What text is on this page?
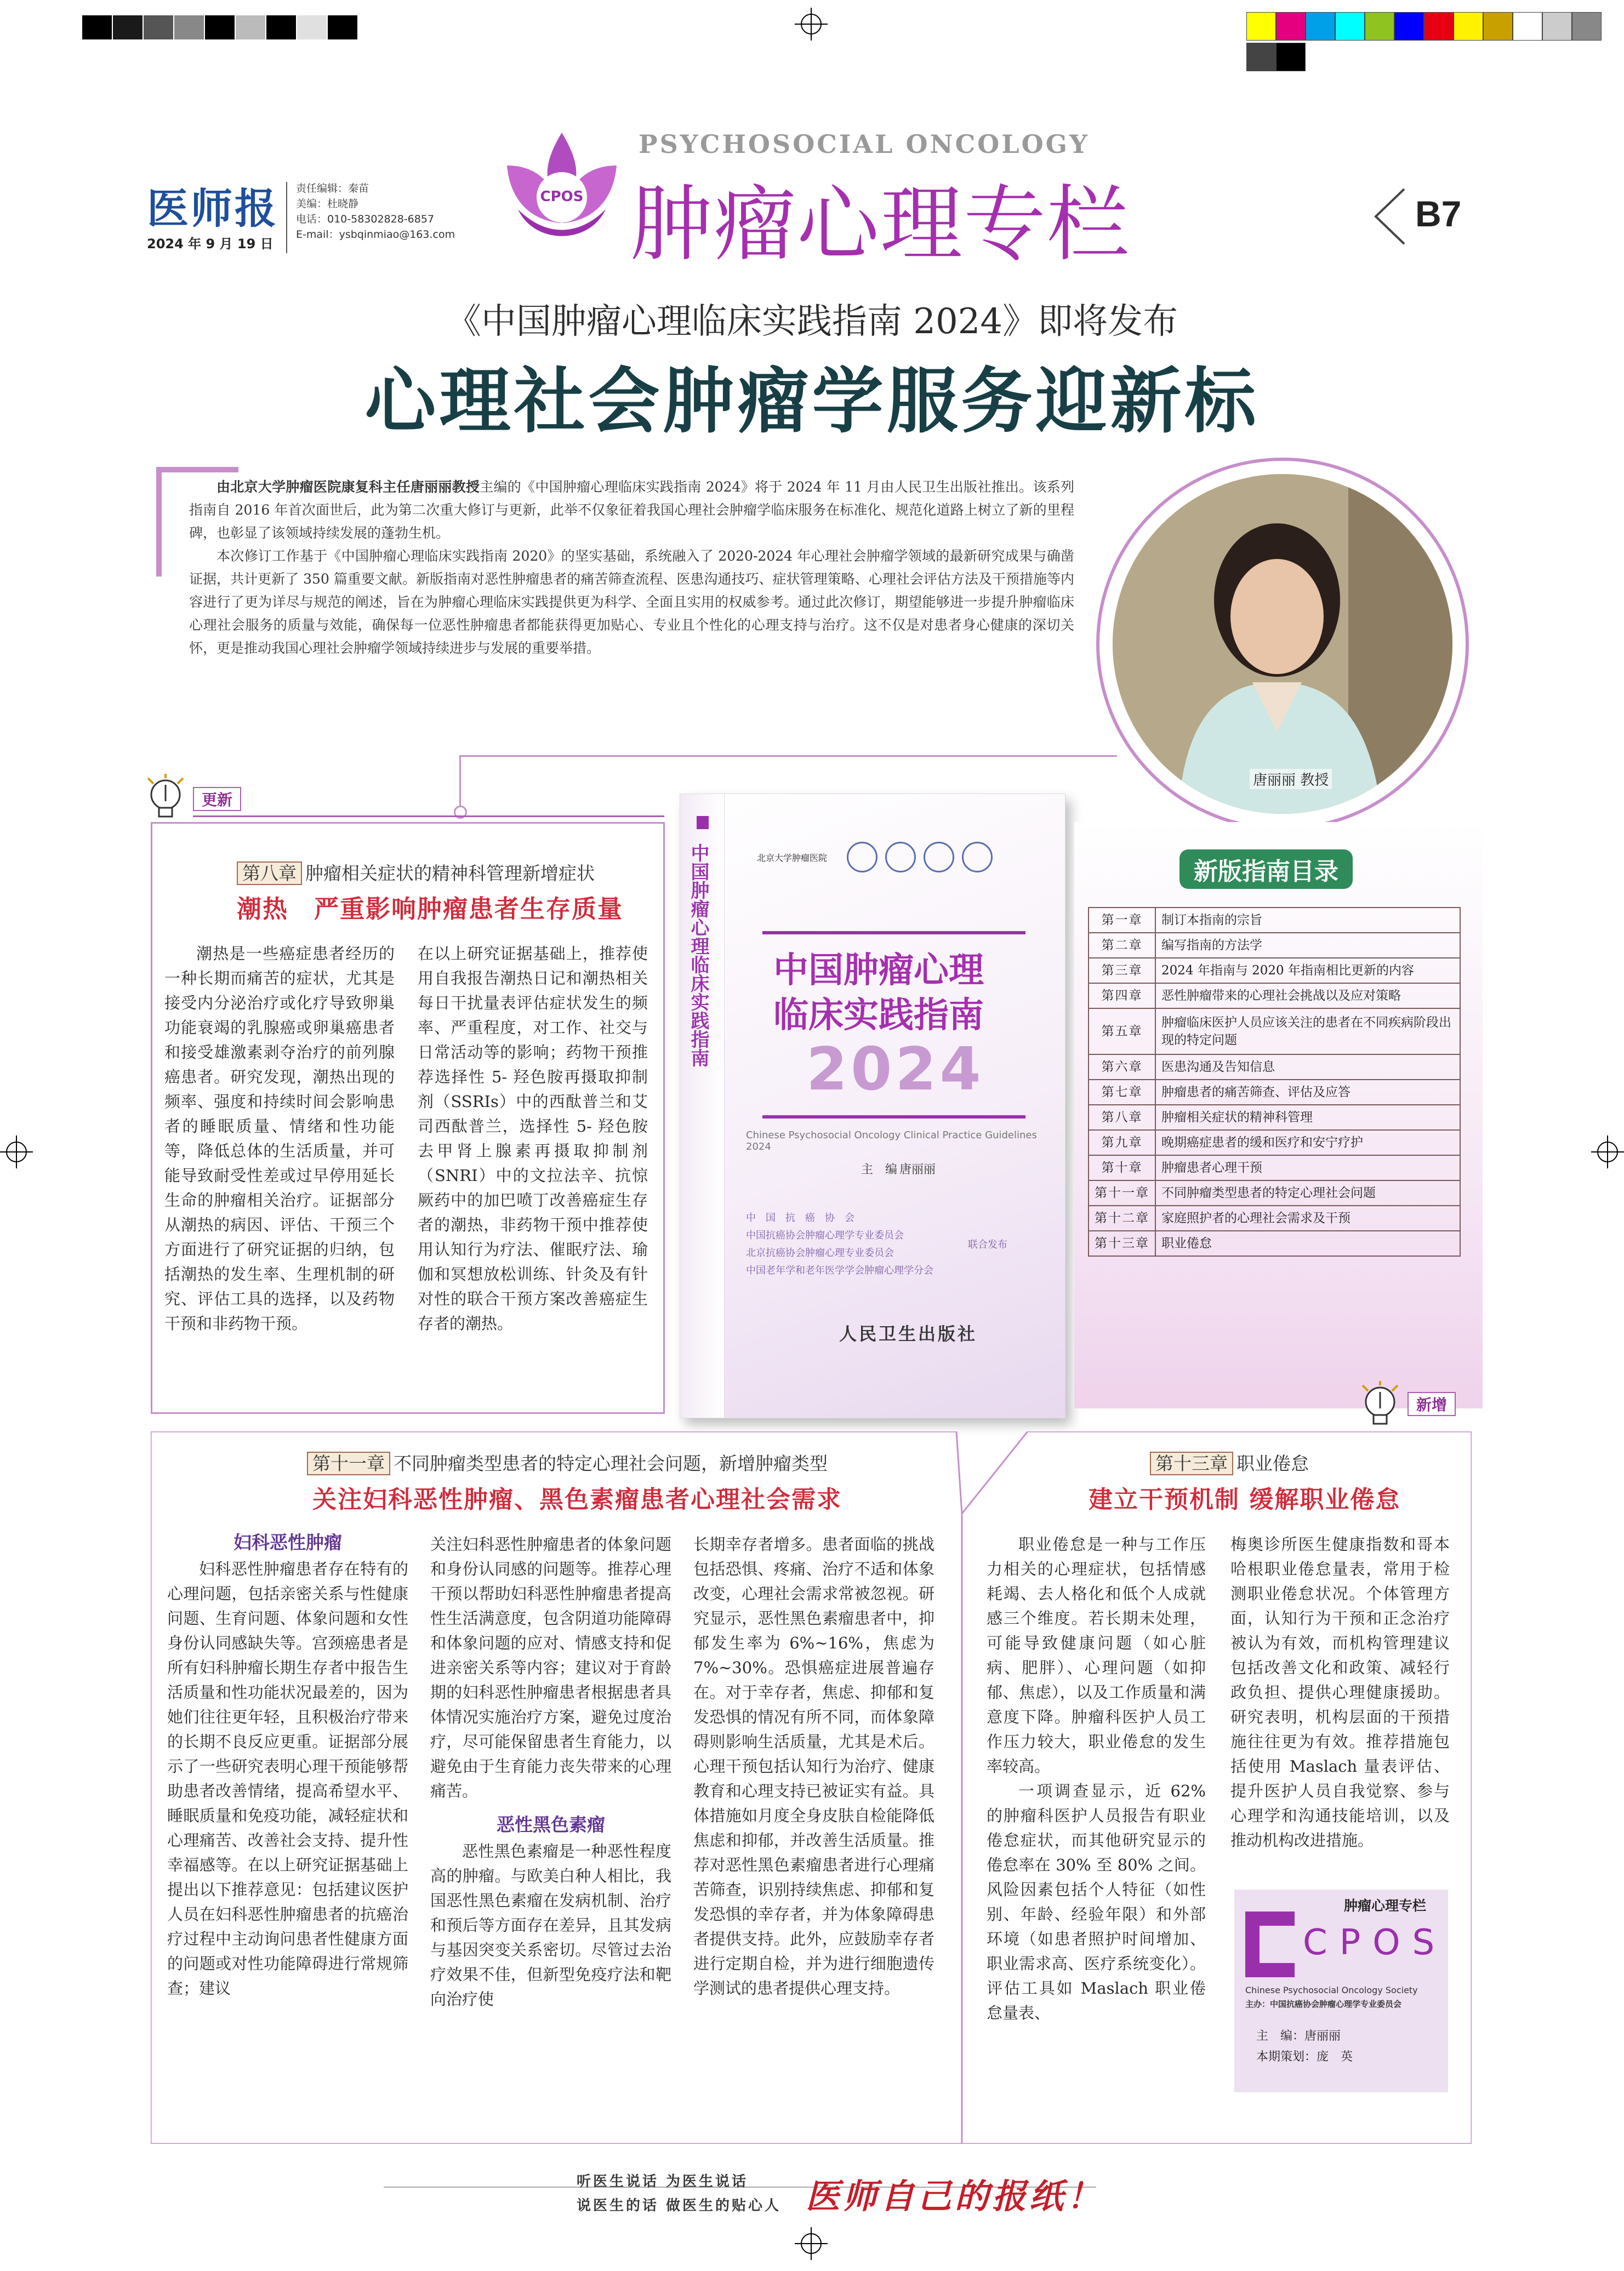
医师报
2024 年 9 月 19 日
责任编辑：秦苗
美编：杜晓静
电话：010-58302828-6857
E-mail：ysbqinmiao@163.com
CPOS
PSYCHOSOCIAL ONCOLOGY
肿瘤心理专栏	B7
《中国肿瘤心理临床实践指南 2024》即将发布
心理社会肿瘤学服务迎新标

由北京大学肿瘤医院康复科主任唐丽丽教授主编的《中国肿瘤心理临床实践指南 2024》将于 2024 年 11 月由人民卫生出版社推出。该系列指南自 2016 年首次面世后，此为第二次重大修订与更新，此举不仅象征着我国心理社会肿瘤学临床服务在标准化、规范化道路上树立了新的里程碑，也彰显了该领域持续发展的蓬勃生机。

本次修订工作基于《中国肿瘤心理临床实践指南 2020》的坚实基础，系统融入了 2020-2024 年心理社会肿瘤学领域的最新研究成果与确凿证据，共计更新了 350 篇重要文献。新版指南对恶性肿瘤患者的痛苦筛查流程、医患沟通技巧、症状管理策略、心理社会评估方法及干预措施等内容进行了更为详尽与规范的阐述，旨在为肿瘤心理临床实践提供更为科学、全面且实用的权威参考。通过此次修订，期望能够进一步提升肿瘤临床心理社会服务的质量与效能，确保每一位恶性肿瘤患者都能获得更加贴心、专业且个性化的心理支持与治疗。这不仅是对患者身心健康的深切关怀，更是推动我国心理社会肿瘤学领域持续进步与发展的重要举措。

唐丽丽 教授
更新
第八章 肿瘤相关症状的精神科管理新增症状
潮热　严重影响肿瘤患者生存质量

潮热是一些癌症患者经历的一种长期而痛苦的症状，尤其是接受内分泌治疗或化疗导致卵巢功能衰竭的乳腺癌或卵巢癌患者和接受雄激素剥夺治疗的前列腺癌患者。研究发现，潮热出现的频率、强度和持续时间会影响患者的睡眠质量、情绪和性功能等，降低总体的生活质量，并可能导致耐受性差或过早停用延长生命的肿瘤相关治疗。证据部分从潮热的病因、评估、干预三个方面进行了研究证据的归纳，包括潮热的发生率、生理机制的研究、评估工具的选择，以及药物干预和非药物干预。

在以上研究证据基础上，推荐使用自我报告潮热日记和潮热相关每日干扰量表评估症状发生的频率、严重程度，对工作、社交与日常活动等的影响；药物干预推荐选择性 5- 羟色胺再摄取抑制剂（SSRIs）中的西酞普兰和艾司西酞普兰，选择性 5- 羟色胺去甲肾上腺素再摄取抑制剂（SNRI）中的文拉法辛、抗惊厥药中的加巴喷丁改善癌症生存者的潮热，非药物干预中推荐使用认知行为疗法、催眠疗法、瑜伽和冥想放松训练、针灸及有针对性的联合干预方案改善癌症生存者的潮热。

中国肿瘤心理临床实践指南	北京大学肿瘤医院
中国肿瘤心理
临床实践指南
2024
Chinese Psychosocial Oncology Clinical Practice Guidelines 2024
主　编 唐丽丽
中　国　抗　癌　协　会
中国抗癌协会肿瘤心理学专业委员会
北京抗癌协会肿瘤心理专业委员会
中国老年学和老年医学学会肿瘤心理学分会
联合发布
人民卫生出版社
新版指南目录
第一章	制订本指南的宗旨
第二章	编写指南的方法学
第三章	2024 年指南与 2020 年指南相比更新的内容
第四章	恶性肿瘤带来的心理社会挑战以及应对策略
第五章	肿瘤临床医护人员应该关注的患者在不同疾病阶段出现的特定问题
第六章	医患沟通及告知信息
第七章	肿瘤患者的痛苦筛查、评估及应答
第八章	肿瘤相关症状的精神科管理
第九章	晚期癌症患者的缓和医疗和安宁疗护
第十章	肿瘤患者心理干预
第十一章	不同肿瘤类型患者的特定心理社会问题
第十二章	家庭照护者的心理社会需求及干预
第十三章	职业倦怠
新增
第十一章 不同肿瘤类型患者的特定心理社会问题，新增肿瘤类型
关注妇科恶性肿瘤、黑色素瘤患者心理社会需求
妇科恶性肿瘤

妇科恶性肿瘤患者存在特有的心理问题，包括亲密关系与性健康问题、生育问题、体象问题和女性身份认同感缺失等。宫颈癌患者是所有妇科肿瘤长期生存者中报告生活质量和性功能状况最差的，因为她们往往更年轻，且积极治疗带来的长期不良反应更重。证据部分展示了一些研究表明心理干预能够帮助患者改善情绪，提高希望水平、睡眠质量和免疫功能，减轻症状和心理痛苦、改善社会支持、提升性幸福感等。在以上研究证据基础上提出以下推荐意见：包括建议医护人员在妇科恶性肿瘤患者的抗癌治疗过程中主动询问患者性健康方面的问题或对性功能障碍进行常规筛查；建议

关注妇科恶性肿瘤患者的体象问题和身份认同感的问题等。推荐心理干预以帮助妇科恶性肿瘤患者提高性生活满意度，包含阴道功能障碍和体象问题的应对、情感支持和促进亲密关系等内容；建议对于育龄期的妇科恶性肿瘤患者根据患者具体情况实施治疗方案，避免过度治疗，尽可能保留患者生育能力，以避免由于生育能力丧失带来的心理痛苦。

恶性黑色素瘤

恶性黑色素瘤是一种恶性程度高的肿瘤。与欧美白种人相比，我国恶性黑色素瘤在发病机制、治疗和预后等方面存在差异，且其发病与基因突变关系密切。尽管过去治疗效果不佳，但新型免疫疗法和靶向治疗使

长期幸存者增多。患者面临的挑战包括恐惧、疼痛、治疗不适和体象改变，心理社会需求常被忽视。研究显示，恶性黑色素瘤患者中，抑郁发生率为 6%~16%，焦虑为 7%~30%。恐惧癌症进展普遍存在。对于幸存者，焦虑、抑郁和复发恐惧的情况有所不同，而体象障碍则影响生活质量，尤其是术后。心理干预包括认知行为治疗、健康教育和心理支持已被证实有益。具体措施如月度全身皮肤自检能降低焦虑和抑郁，并改善生活质量。推荐对恶性黑色素瘤患者进行心理痛苦筛查，识别持续焦虑、抑郁和复发恐惧的幸存者，并为体象障碍患者提供支持。此外，应鼓励幸存者进行定期自检，并为进行细胞遗传学测试的患者提供心理支持。

第十三章 职业倦怠
建立干预机制 缓解职业倦怠

职业倦怠是一种与工作压力相关的心理症状，包括情感耗竭、去人格化和低个人成就感三个维度。若长期未处理，可能导致健康问题（如心脏病、肥胖）、心理问题（如抑郁、焦虑），以及工作质量和满意度下降。肿瘤科医护人员工作压力较大，职业倦怠的发生率较高。

一项调查显示，近 62% 的肿瘤科医护人员报告有职业倦怠症状，而其他研究显示的倦怠率在 30% 至 80% 之间。风险因素包括个人特征（如性别、年龄、经验年限）和外部环境（如患者照护时间增加、职业需求高、医疗系统变化）。评估工具如 Maslach 职业倦怠量表、

梅奥诊所医生健康指数和哥本哈根职业倦怠量表，常用于检测职业倦怠状况。个体管理方面，认知行为干预和正念治疗被认为有效，而机构管理建议包括改善文化和政策、减轻行政负担、提供心理健康援助。研究表明，机构层面的干预措施往往更为有效。推荐措施包括使用 Maslach 量表评估、提升医护人员自我觉察、参与心理学和沟通技能培训，以及推动机构改进措施。

肿瘤心理专栏
CPOS
Chinese Psychosocial Oncology Society
主办：中国抗癌协会肿瘤心理学专业委员会
主　编：唐丽丽
本期策划：庞　英
听医生说话 为医生说话
说医生的话 做医生的贴心人 医师自己的报纸！
